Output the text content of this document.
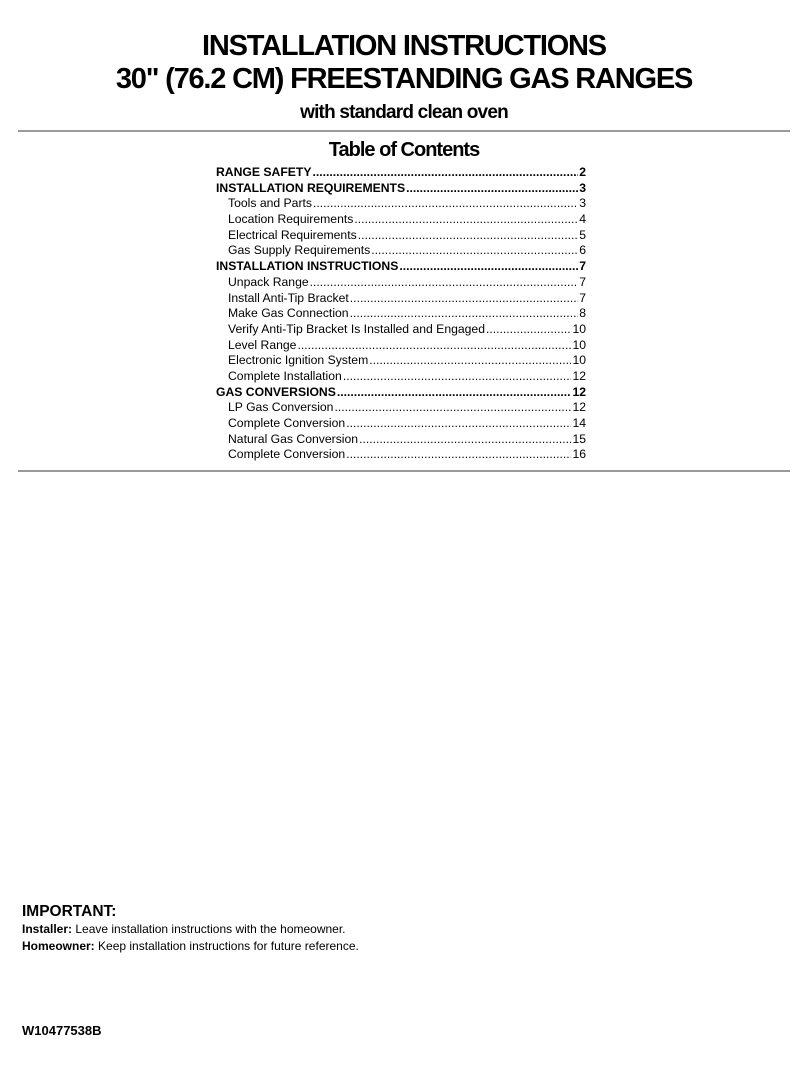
INSTALLATION INSTRUCTIONS
30" (76.2 CM) FREESTANDING GAS RANGES
with standard clean oven
Table of Contents
RANGE SAFETY .....	2
INSTALLATION REQUIREMENTS .....	3
Tools and Parts .....	3
Location Requirements .....	4
Electrical Requirements .....	5
Gas Supply Requirements .....	6
INSTALLATION INSTRUCTIONS .....	7
Unpack Range .....	7
Install Anti-Tip Bracket .....	7
Make Gas Connection .....	8
Verify Anti-Tip Bracket Is Installed and Engaged .....	10
Level Range .....	10
Electronic Ignition System .....	10
Complete Installation .....	12
GAS CONVERSIONS .....	12
LP Gas Conversion .....	12
Complete Conversion .....	14
Natural Gas Conversion .....	15
Complete Conversion .....	16
IMPORTANT:
Installer: Leave installation instructions with the homeowner.
Homeowner: Keep installation instructions for future reference.
W10477538B
